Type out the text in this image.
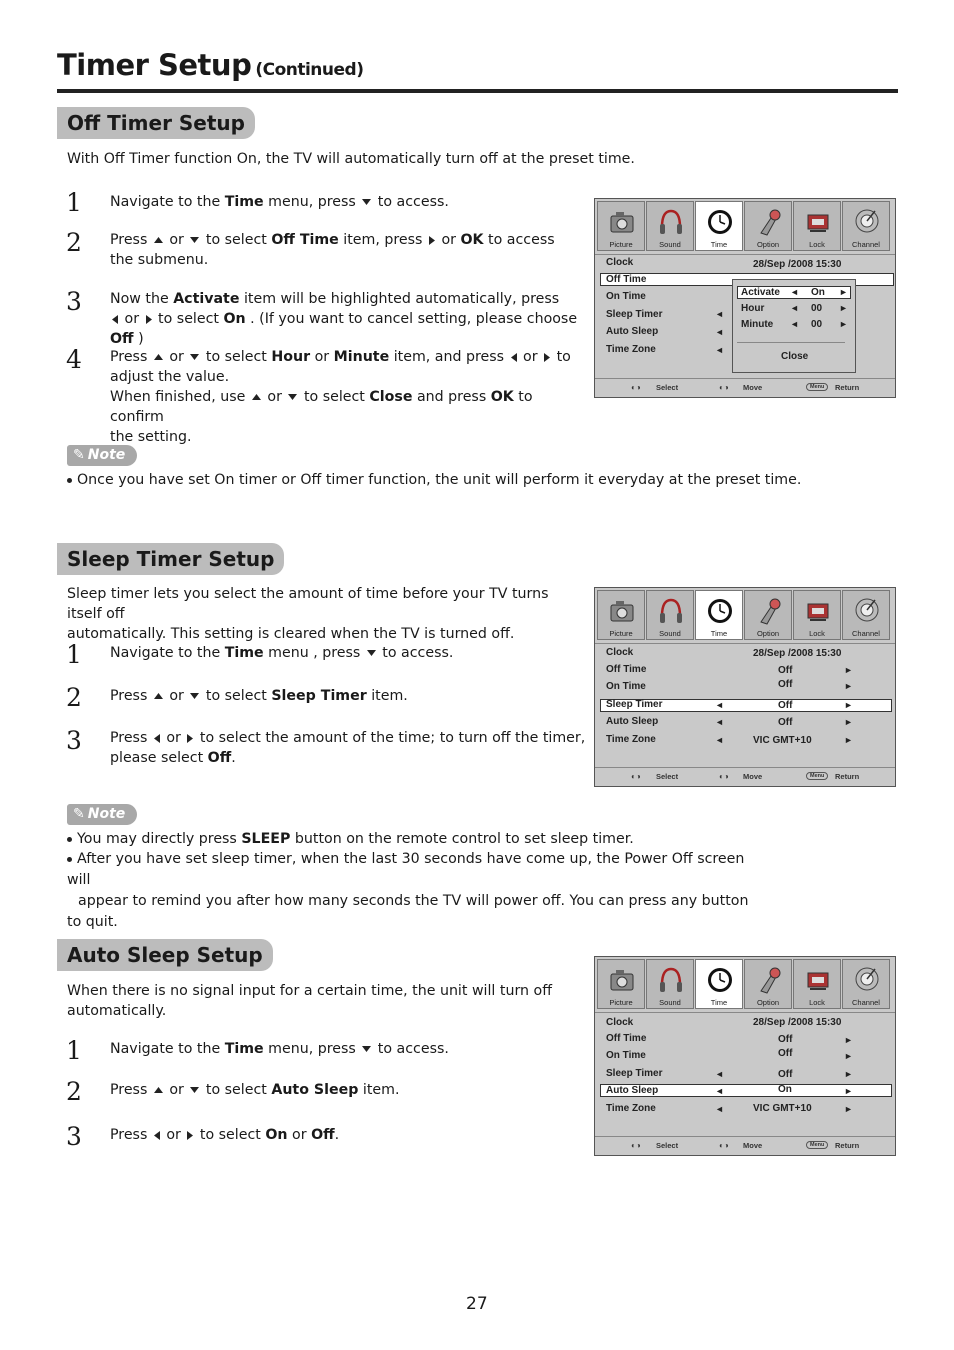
Timer Setup (Continued)
Off Timer Setup
With Off Timer function On, the TV will automatically turn off at the preset time.
1	Navigate to the Time menu, press  to access.
2	Press  or  to select Off Time item, press  or OK to access
the submenu.
3	Now the Activate item will be highlighted automatically, press
or  to select On . (If you want to cancel setting, please choose Off )
4	Press  or  to select Hour or Minute item, and press  or  to
adjust the value.
When finished, use  or  to select Close and press OK to confirm
the setting.
Picture	Sound	Time	Option	Lock	Channel
Clock	28/Sep /2008 15:30
Off Time
On Time
Sleep Timer	◄
Auto Sleep	◄
Time Zone	◄
Activate ◄ On ►
Hour	◄ 00 ►
Minute ◄ 00 ►
Close
◐◑ Select	◐◑ Move	Menu	Return
✎ Note
Once you have set On timer or Off timer function, the unit will perform it everyday at the preset time.
Sleep Timer Setup
Sleep timer lets you select the amount of time before your TV turns itself off
automatically. This setting is cleared when the TV is turned off.
1	Navigate to the Time menu , press  to access.
2	Press  or  to select Sleep Timer item.
3	Press  or  to select the amount of the time; to turn off the timer,
please select Off.
Picture	Sound	Time	Option	Lock	Channel
Clock	28/Sep /2008 15:30
Off Time	Off	►
On Time	Off	►
Sleep Timer	◄	Off	►
Auto Sleep	◄	Off	►
Time Zone	◄	VIC GMT+10	►
◐◑ Select	◐◑ Move	Menu	Return
✎ Note
You may directly press SLEEP button on the remote control to set sleep timer.
After you have set sleep timer, when the last 30 seconds have come up, the Power Off screen will
appear to remind you after how many seconds the TV will power off. You can press any button to quit.
Auto Sleep Setup
When there is no signal input for a certain time, the unit will turn off
automatically.
1	Navigate to the Time menu, press  to access.
2	Press  or  to select Auto Sleep item.
3	Press  or  to select On or Off.
Picture	Sound	Time	Option	Lock	Channel
Clock	28/Sep /2008 15:30
Off Time	Off	►
On Time	Off	►
Sleep Timer	◄	Off	►
Auto Sleep	◄	On	►
Time Zone	◄	VIC GMT+10	►
◐◑ Select	◐◑ Move	Menu	Return
27
